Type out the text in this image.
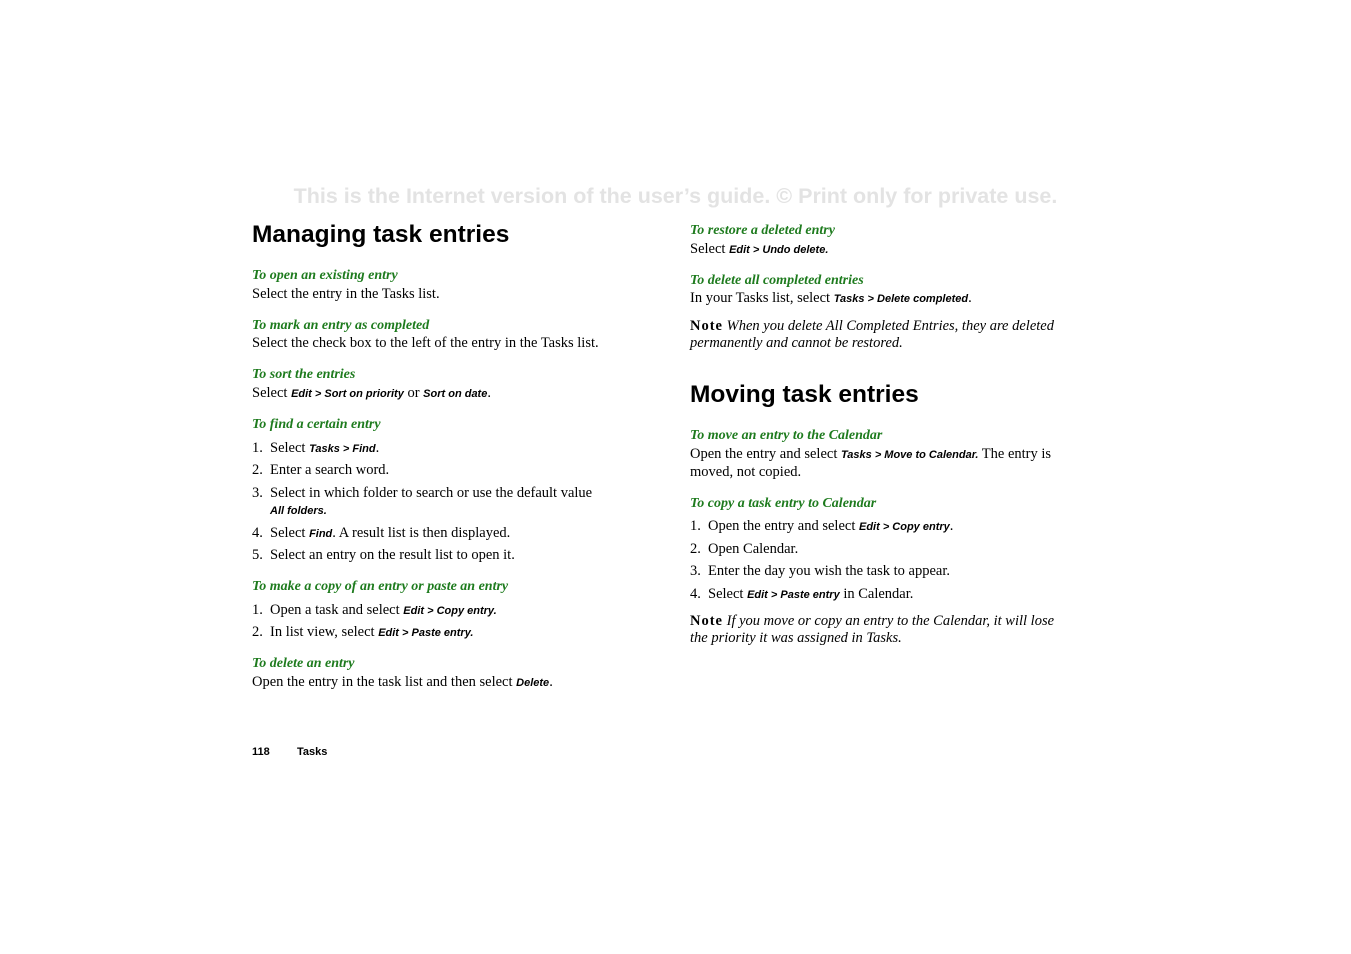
This is the Internet version of the user’s guide. © Print only for private use.
Managing task entries
To open an existing entry
Select the entry in the Tasks list.
To mark an entry as completed
Select the check box to the left of the entry in the Tasks list.
To sort the entries
Select Edit > Sort on priority or Sort on date.
To find a certain entry
1. Select Tasks > Find.
2. Enter a search word.
3. Select in which folder to search or use the default value
All folders.
4. Select Find. A result list is then displayed.
5. Select an entry on the result list to open it.
To make a copy of an entry or paste an entry
1. Open a task and select Edit > Copy entry.
2. In list view, select Edit > Paste entry.
To delete an entry
Open the entry in the task list and then select Delete.
To restore a deleted entry
Select Edit > Undo delete.
To delete all completed entries
In your Tasks list, select Tasks > Delete completed.
Note When you delete All Completed Entries, they are deleted
permanently and cannot be restored.
Moving task entries
To move an entry to the Calendar
Open the entry and select Tasks > Move to Calendar. The entry is
moved, not copied.
To copy a task entry to Calendar
1. Open the entry and select Edit > Copy entry.
2. Open Calendar.
3. Enter the day you wish the task to appear.
4. Select Edit > Paste entry in Calendar.
Note If you move or copy an entry to the Calendar, it will lose
the priority it was assigned in Tasks.
118 Tasks
